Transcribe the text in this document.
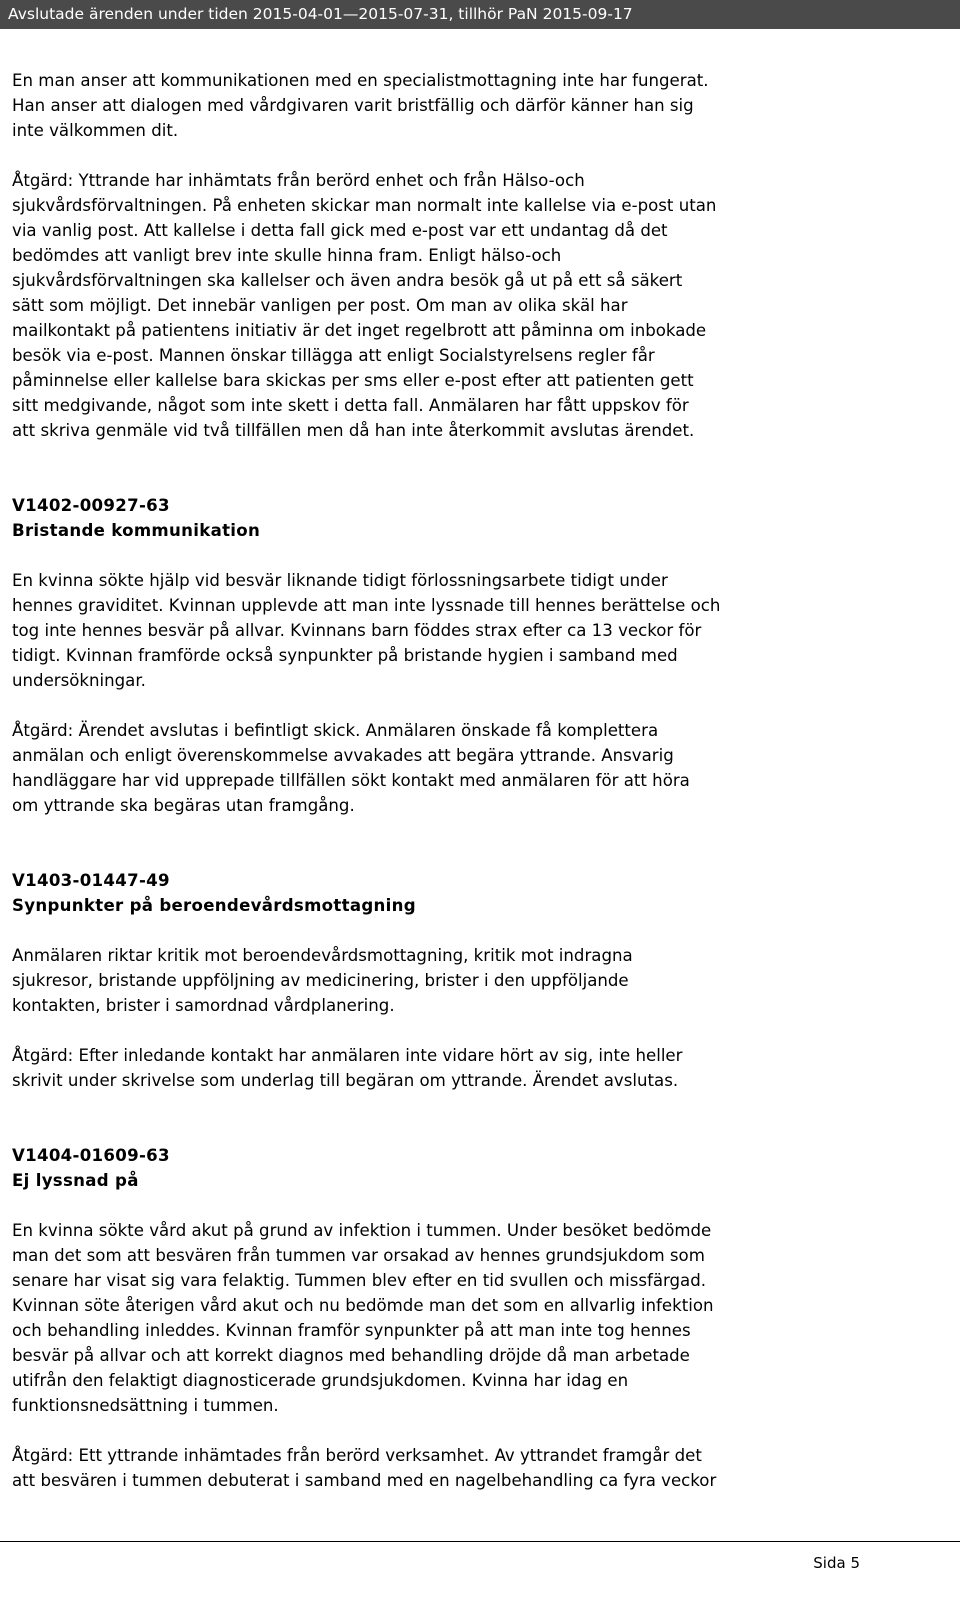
Avslutade ärenden under tiden 2015-04-01—2015-07-31, tillhör PaN 2015-09-17

En man anser att kommunikationen med en specialistmottagning inte har fungerat.

Han anser att dialogen med vårdgivaren varit bristfällig och därför känner han sig

inte välkommen dit.

Åtgärd: Yttrande har inhämtats från berörd enhet och från Hälso-och

sjukvårdsförvaltningen. På enheten skickar man normalt inte kallelse via e-post utan

via vanlig post. Att kallelse i detta fall gick med e-post var ett undantag då det

bedömdes att vanligt brev inte skulle hinna fram. Enligt hälso-och

sjukvårdsförvaltningen ska kallelser och även andra besök gå ut på ett så säkert

sätt som möjligt. Det innebär vanligen per post. Om man av olika skäl har

mailkontakt på patientens initiativ är det inget regelbrott att påminna om inbokade

besök via e-post. Mannen önskar tillägga att enligt Socialstyrelsens regler får

påminnelse eller kallelse bara skickas per sms eller e-post efter att patienten gett

sitt medgivande, något som inte skett i detta fall. Anmälaren har fått uppskov för

att skriva genmäle vid två tillfällen men då han inte återkommit avslutas ärendet.

V1402-00927-63

Bristande kommunikation

En kvinna sökte hjälp vid besvär liknande tidigt förlossningsarbete tidigt under

hennes graviditet. Kvinnan upplevde att man inte lyssnade till hennes berättelse och

tog inte hennes besvär på allvar. Kvinnans barn föddes strax efter ca 13 veckor för

tidigt. Kvinnan framförde också synpunkter på bristande hygien i samband med

undersökningar.

Åtgärd: Ärendet avslutas i befintligt skick. Anmälaren önskade få komplettera

anmälan och enligt överenskommelse avvakades att begära yttrande. Ansvarig

handläggare har vid upprepade tillfällen sökt kontakt med anmälaren för att höra

om yttrande ska begäras utan framgång.

V1403-01447-49

Synpunkter på beroendevårdsmottagning

Anmälaren riktar kritik mot beroendevårdsmottagning, kritik mot indragna

sjukresor, bristande uppföljning av medicinering, brister i den uppföljande

kontakten, brister i samordnad vårdplanering.

Åtgärd: Efter inledande kontakt har anmälaren inte vidare hört av sig, inte heller

skrivit under skrivelse som underlag till begäran om yttrande. Ärendet avslutas.

V1404-01609-63

Ej lyssnad på

En kvinna sökte vård akut på grund av infektion i tummen. Under besöket bedömde

man det som att besvären från tummen var orsakad av hennes grundsjukdom som

senare har visat sig vara felaktig. Tummen blev efter en tid svullen och missfärgad.

Kvinnan söte återigen vård akut och nu bedömde man det som en allvarlig infektion

och behandling inleddes. Kvinnan framför synpunkter på att man inte tog hennes

besvär på allvar och att korrekt diagnos med behandling dröjde då man arbetade

utifrån den felaktigt diagnosticerade grundsjukdomen. Kvinna har idag en

funktionsnedsättning i tummen.

Åtgärd: Ett yttrande inhämtades från berörd verksamhet. Av yttrandet framgår det

att besvären i tummen debuterat i samband med en nagelbehandling ca fyra veckor

Sida 5
